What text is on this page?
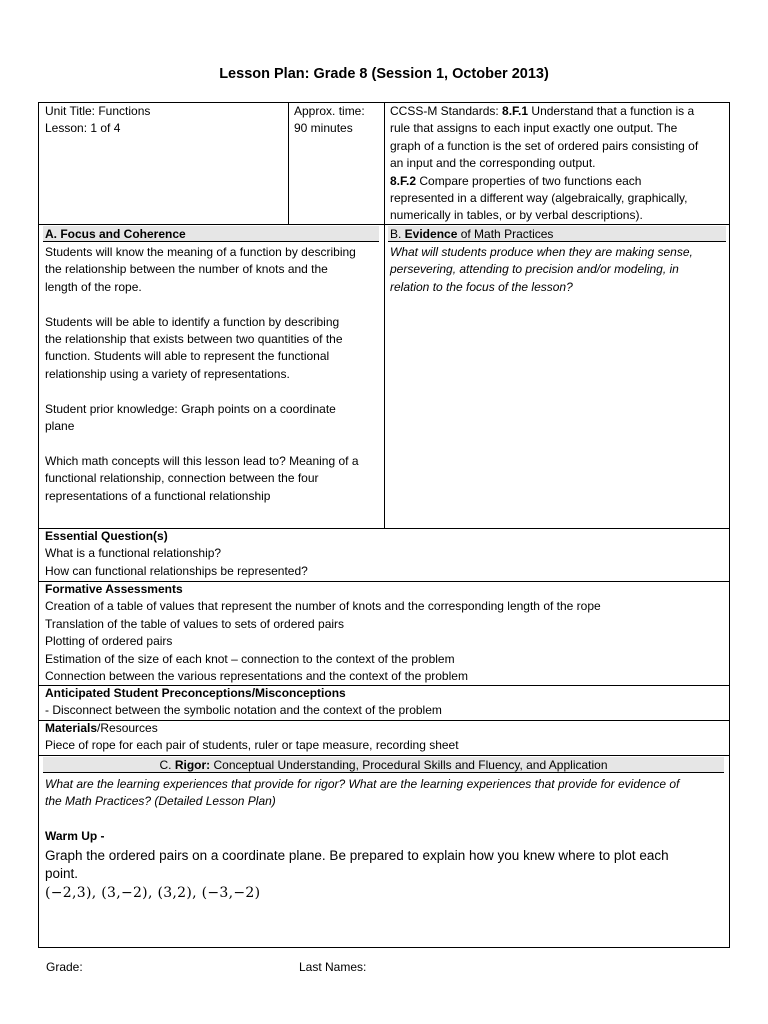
Lesson Plan: Grade 8 (Session 1, October 2013)
Unit Title: Functions
Lesson: 1 of 4
Approx. time:
90 minutes
CCSS-M Standards: 8.F.1 Understand that a function is a
rule that assigns to each input exactly one output. The
graph of a function is the set of ordered pairs consisting of
an input and the corresponding output.
8.F.2 Compare properties of two functions each
represented in a different way (algebraically, graphically,
numerically in tables, or by verbal descriptions).
A. Focus and Coherence
Students will know the meaning of a function by describing
the relationship between the number of knots and the
length of the rope.

Students will be able to identify a function by describing
the relationship that exists between two quantities of the
function. Students will able to represent the functional
relationship using a variety of representations.

Student prior knowledge: Graph points on a coordinate
plane

Which math concepts will this lesson lead to? Meaning of a
functional relationship, connection between the four
representations of a functional relationship
B. Evidence of Math Practices
What will students produce when they are making sense,
persevering, attending to precision and/or modeling, in
relation to the focus of the lesson?
Essential Question(s)
What is a functional relationship?
How can functional relationships be represented?
Formative Assessments
Creation of a table of values that represent the number of knots and the corresponding length of the rope
Translation of the table of values to sets of ordered pairs
Plotting of ordered pairs
Estimation of the size of each knot – connection to the context of the problem
Connection between the various representations and the context of the problem
Anticipated Student Preconceptions/Misconceptions
- Disconnect between the symbolic notation and the context of the problem
Materials/Resources
Piece of rope for each pair of students, ruler or tape measure, recording sheet
C. Rigor: Conceptual Understanding, Procedural Skills and Fluency, and Application
What are the learning experiences that provide for rigor? What are the learning experiences that provide for evidence of
the Math Practices? (Detailed Lesson Plan)
Warm Up -
Graph the ordered pairs on a coordinate plane. Be prepared to explain how you knew where to plot each
point.
(−2,3), (3,−2), (3,2), (−3,−2)
Grade:	Last Names:
